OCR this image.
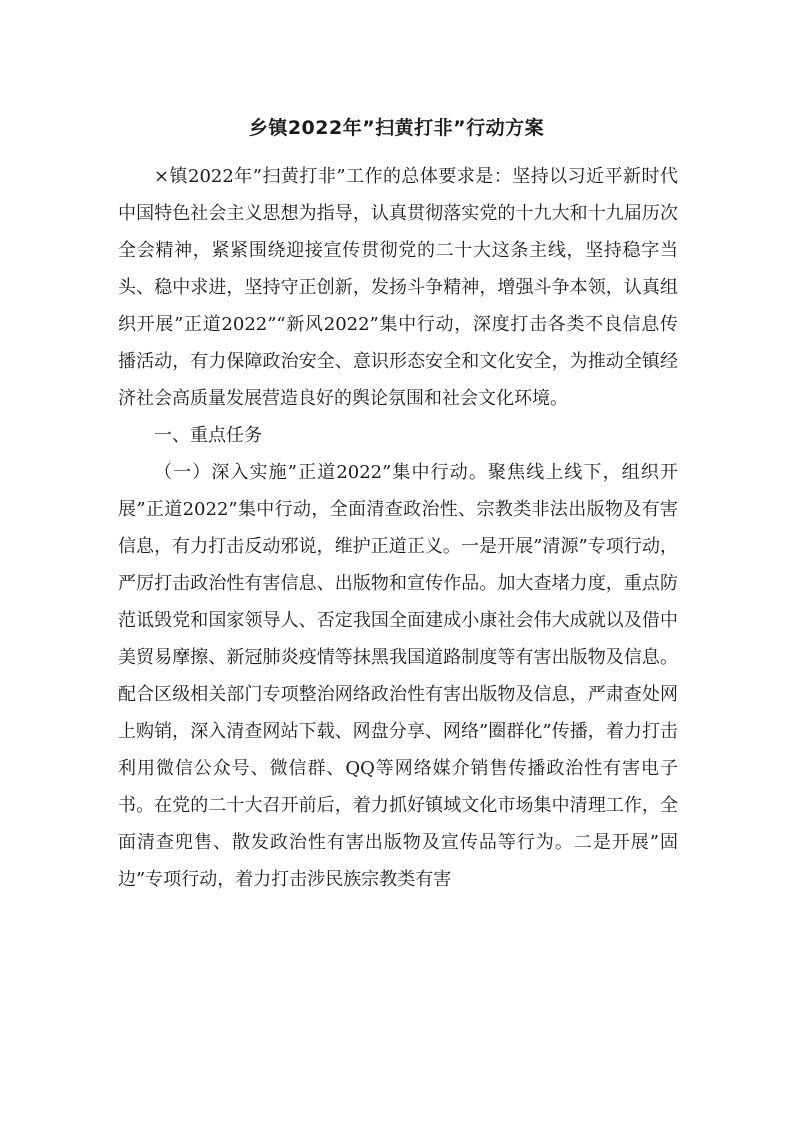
乡镇2022年”扫黄打非”行动方案

×镇2022年”扫黄打非”工作的总体要求是：坚持以习近平新时代中国特色社会主义思想为指导，认真贯彻落实党的十九大和十九届历次全会精神，紧紧围绕迎接宣传贯彻党的二十大这条主线，坚持稳字当头、稳中求进，坚持守正创新，发扬斗争精神，增强斗争本领，认真组织开展”正道2022”“新风2022”集中行动，深度打击各类不良信息传播活动，有力保障政治安全、意识形态安全和文化安全，为推动全镇经济社会高质量发展营造良好的舆论氛围和社会文化环境。

一、重点任务

（一）深入实施”正道2022”集中行动。聚焦线上线下，组织开展”正道2022”集中行动，全面清查政治性、宗教类非法出版物及有害信息，有力打击反动邪说，维护正道正义。一是开展”清源”专项行动，严厉打击政治性有害信息、出版物和宣传作品。加大查堵力度，重点防范诋毁党和国家领导人、否定我国全面建成小康社会伟大成就以及借中美贸易摩擦、新冠肺炎疫情等抹黑我国道路制度等有害出版物及信息。配合区级相关部门专项整治网络政治性有害出版物及信息，严肃查处网上购销，深入清查网站下载、网盘分享、网络”圈群化”传播，着力打击利用微信公众号、微信群、QQ等网络媒介销售传播政治性有害电子书。在党的二十大召开前后，着力抓好镇域文化市场集中清理工作，全面清查兜售、散发政治性有害出版物及宣传品等行为。二是开展”固边”专项行动，着力打击涉民族宗教类有害
